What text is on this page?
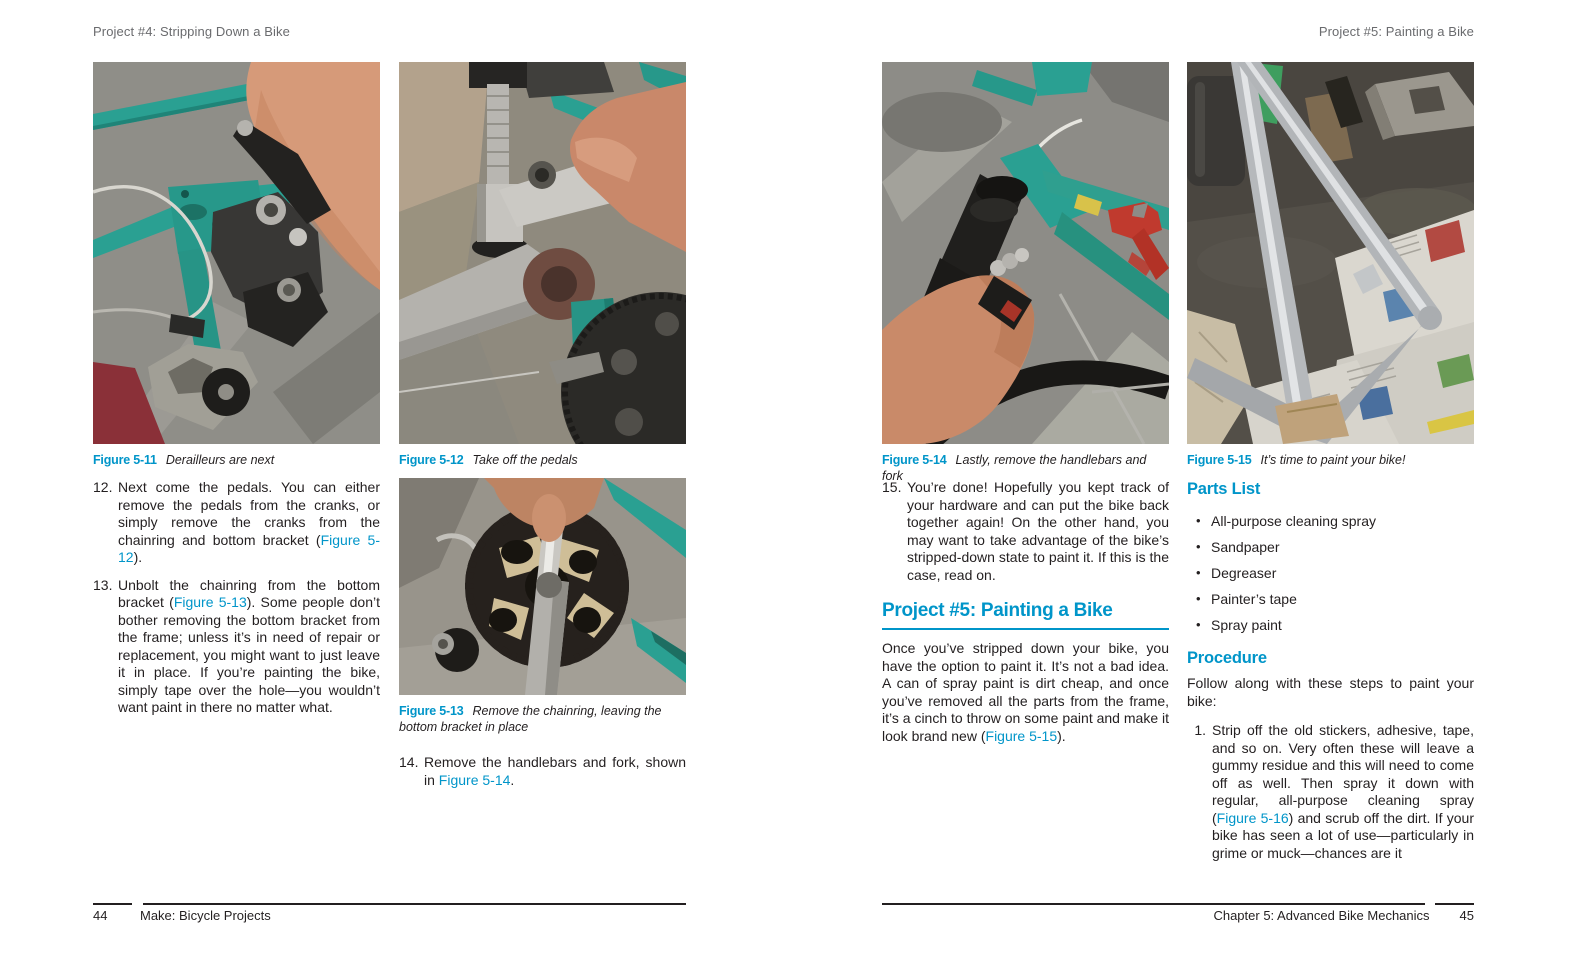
Project #4: Stripping Down a Bike	Project #5: Painting a Bike
Figure 5-11 Derailleurs are next	Figure 5-12 Take off the pedals
12. Next come the pedals. You can either remove the pedals from the cranks, or simply remove the cranks from the chainring and bottom bracket (Figure 5-12).
13. Unbolt the chainring from the bottom bracket (Figure 5-13). Some people don’t bother removing the bottom bracket from the frame; unless it’s in need of repair or replacement, you might want to just leave it in place. If you’re painting the bike, simply tape over the hole—you wouldn’t want paint in there no matter what.	Figure 5-13 Remove the chainring, leaving the bottom bracket in place
14. Remove the handlebars and fork, shown in Figure 5-14.
44	Make: Bicycle Projects
Figure 5-14 Lastly, remove the handlebars and fork
Figure 5-15 It’s time to paint your bike!
15. You’re done! Hopefully you kept track of your hardware and can put the bike back together again! On the other hand, you may want to take advantage of the bike’s stripped-down state to paint it. If this is the case, read on.
Project #5: Painting a Bike

Once you’ve stripped down your bike, you have the option to paint it. It’s not a bad idea. A can of spray paint is dirt cheap, and once you’ve removed all the parts from the frame, it’s a cinch to throw on some paint and make it look brand new (Figure 5-15).

Parts List
• All-purpose cleaning spray
• Sandpaper
• Degreaser
• Painter’s tape
• Spray paint
Procedure
Follow along with these steps to paint your bike:
1. Strip off the old stickers, adhesive, tape, and so on. Very often these will leave a gummy residue and this will need to come off as well. Then spray it down with regular, all-purpose cleaning spray (Figure 5-16) and scrub off the dirt. If your bike has seen a lot of use—particularly in grime or muck—chances are it
Chapter 5: Advanced Bike Mechanics 45
